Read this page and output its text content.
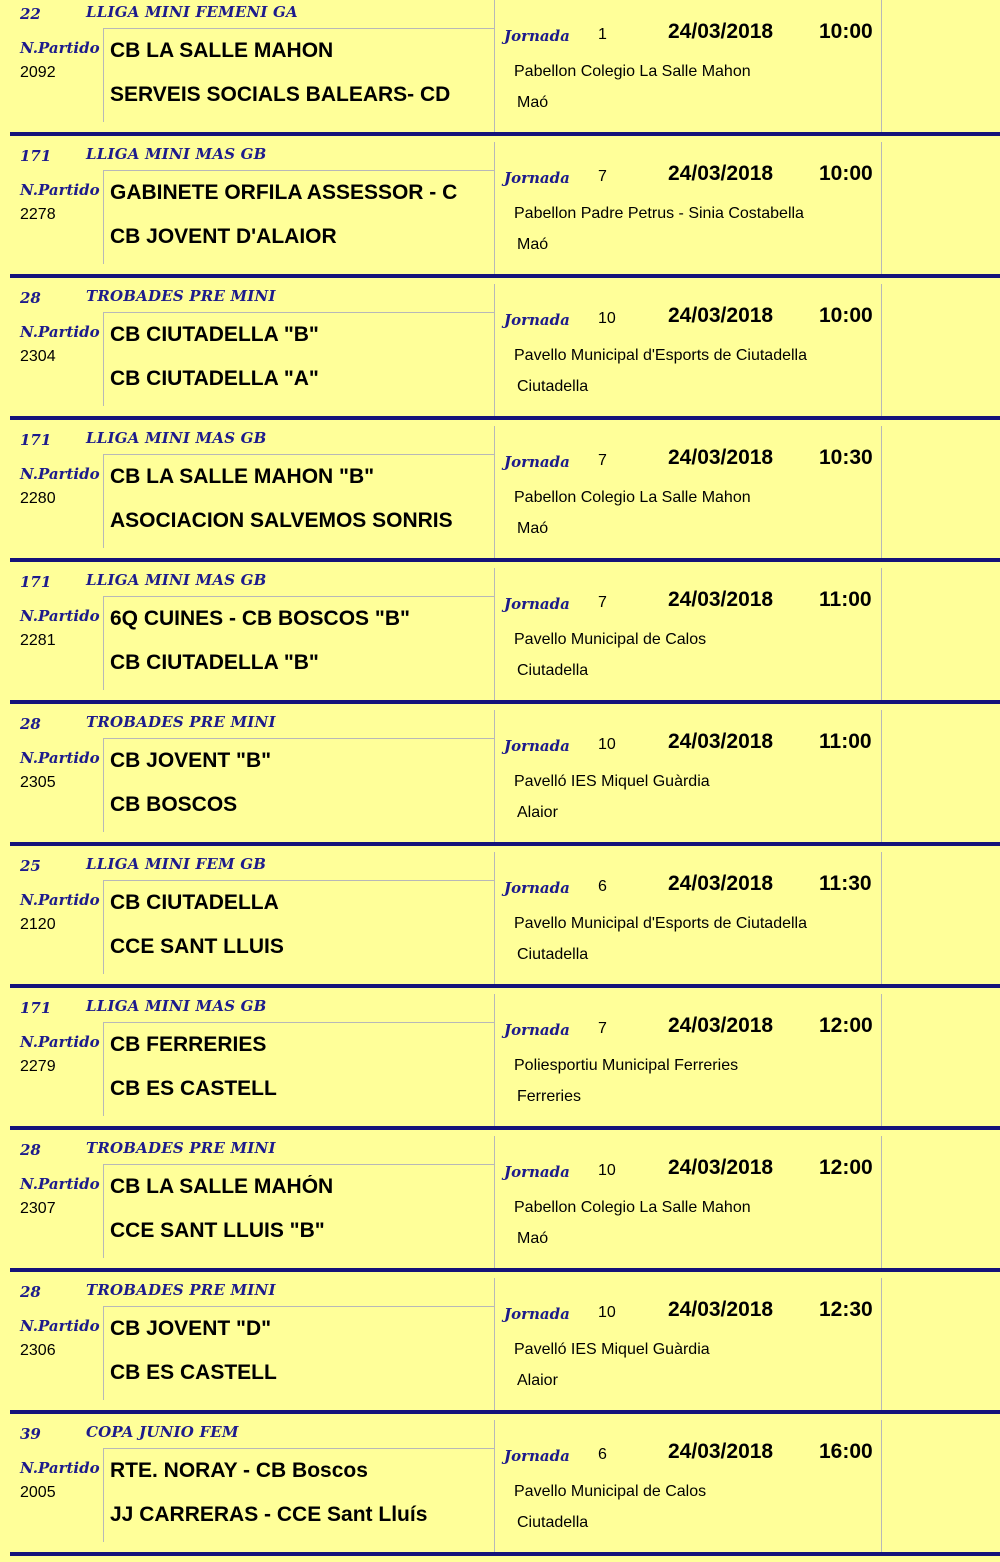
22	LLIGA MINI FEMENI GA
N.Partido
2092
CB LA SALLE MAHON
SERVEIS SOCIALS BALEARS- CD
Jornada 1	24/03/2018 10:00
Pabellon Colegio La Salle Mahon
Maó
171 LLIGA MINI MAS GB
N.Partido
2278
GABINETE ORFILA ASSESSOR - C
CB JOVENT D'ALAIOR
Jornada 7	24/03/2018 10:00
Pabellon Padre Petrus - Sinia Costabella
Maó
28	TROBADES PRE MINI
N.Partido
2304
CB CIUTADELLA "B"
CB CIUTADELLA "A"
Jornada 10 24/03/2018 10:00
Pavello Municipal d'Esports de Ciutadella
Ciutadella
171 LLIGA MINI MAS GB
N.Partido
2280
CB LA SALLE MAHON "B"
ASOCIACION SALVEMOS SONRIS
Jornada 7	24/03/2018 10:30
Pabellon Colegio La Salle Mahon
Maó
171 LLIGA MINI MAS GB
N.Partido
2281
6Q CUINES - CB BOSCOS "B"
CB CIUTADELLA "B"
Jornada 7	24/03/2018 11:00
Pavello Municipal de Calos
Ciutadella
28	TROBADES PRE MINI
N.Partido
2305
CB JOVENT "B"
CB BOSCOS
Jornada 10 24/03/2018 11:00
Pavelló IES Miquel Guàrdia
Alaior
25	LLIGA MINI FEM GB
N.Partido
2120
CB CIUTADELLA
CCE SANT LLUIS
Jornada 6	24/03/2018 11:30
Pavello Municipal d'Esports de Ciutadella
Ciutadella
171 LLIGA MINI MAS GB
N.Partido
2279
CB FERRERIES
CB ES CASTELL
Jornada 7	24/03/2018 12:00
Poliesportiu Municipal Ferreries
Ferreries
28	TROBADES PRE MINI
N.Partido
2307
CB LA SALLE MAHÓN
CCE SANT LLUIS "B"
Jornada 10 24/03/2018 12:00
Pabellon Colegio La Salle Mahon
Maó
28	TROBADES PRE MINI
N.Partido
2306
CB JOVENT "D"
CB ES CASTELL
Jornada 10 24/03/2018 12:30
Pavelló IES Miquel Guàrdia
Alaior
39	COPA JUNIO FEM
N.Partido
2005
RTE. NORAY - CB Boscos
JJ CARRERAS - CCE Sant Lluís
Jornada 6	24/03/2018 16:00
Pavello Municipal de Calos
Ciutadella
